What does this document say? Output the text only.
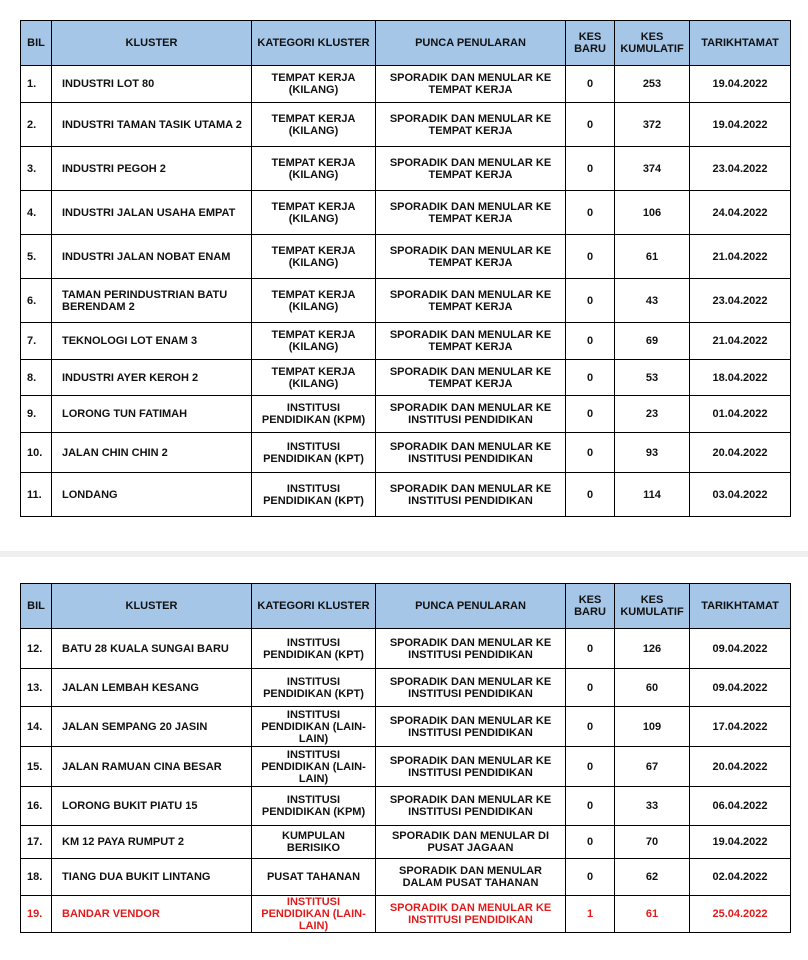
BIL	KLUSTER	KATEGORI KLUSTER	PUNCA PENULARAN	KES BARU	KES KUMULATIF	TARIKHTAMAT
1.	INDUSTRI LOT 80	TEMPAT KERJA (KILANG)	SPORADIK DAN MENULAR KE TEMPAT KERJA	0	253	19.04.2022
2.	INDUSTRI TAMAN TASIK UTAMA 2	TEMPAT KERJA (KILANG)	SPORADIK DAN MENULAR KE TEMPAT KERJA	0	372	19.04.2022
3.	INDUSTRI PEGOH 2	TEMPAT KERJA (KILANG)	SPORADIK DAN MENULAR KE TEMPAT KERJA	0	374	23.04.2022
4.	INDUSTRI JALAN USAHA EMPAT	TEMPAT KERJA (KILANG)	SPORADIK DAN MENULAR KE TEMPAT KERJA	0	106	24.04.2022
5.	INDUSTRI JALAN NOBAT ENAM	TEMPAT KERJA (KILANG)	SPORADIK DAN MENULAR KE TEMPAT KERJA	0	61	21.04.2022
6.	TAMAN PERINDUSTRIAN BATU BERENDAM 2	TEMPAT KERJA (KILANG)	SPORADIK DAN MENULAR KE TEMPAT KERJA	0	43	23.04.2022
7.	TEKNOLOGI LOT ENAM 3	TEMPAT KERJA (KILANG)	SPORADIK DAN MENULAR KE TEMPAT KERJA	0	69	21.04.2022
8.	INDUSTRI AYER KEROH 2	TEMPAT KERJA (KILANG)	SPORADIK DAN MENULAR KE TEMPAT KERJA	0	53	18.04.2022
9.	LORONG TUN FATIMAH	INSTITUSI PENDIDIKAN (KPM)	SPORADIK DAN MENULAR KE INSTITUSI PENDIDIKAN	0	23	01.04.2022
10.	JALAN CHIN CHIN 2	INSTITUSI PENDIDIKAN (KPT)	SPORADIK DAN MENULAR KE INSTITUSI PENDIDIKAN	0	93	20.04.2022
11.	LONDANG	INSTITUSI PENDIDIKAN (KPT)	SPORADIK DAN MENULAR KE INSTITUSI PENDIDIKAN	0	114	03.04.2022
BIL	KLUSTER	KATEGORI KLUSTER	PUNCA PENULARAN	KES BARU	KES KUMULATIF	TARIKHTAMAT
12.	BATU 28 KUALA SUNGAI BARU	INSTITUSI PENDIDIKAN (KPT)	SPORADIK DAN MENULAR KE INSTITUSI PENDIDIKAN	0	126	09.04.2022
13.	JALAN LEMBAH KESANG	INSTITUSI PENDIDIKAN (KPT)	SPORADIK DAN MENULAR KE INSTITUSI PENDIDIKAN	0	60	09.04.2022
14.	JALAN SEMPANG 20 JASIN	INSTITUSI PENDIDIKAN (LAIN-LAIN)	SPORADIK DAN MENULAR KE INSTITUSI PENDIDIKAN	0	109	17.04.2022
15.	JALAN RAMUAN CINA BESAR	INSTITUSI PENDIDIKAN (LAIN-LAIN)	SPORADIK DAN MENULAR KE INSTITUSI PENDIDIKAN	0	67	20.04.2022
16.	LORONG BUKIT PIATU 15	INSTITUSI PENDIDIKAN (KPM)	SPORADIK DAN MENULAR KE INSTITUSI PENDIDIKAN	0	33	06.04.2022
17.	KM 12 PAYA RUMPUT 2	KUMPULAN BERISIKO	SPORADIK DAN MENULAR DI PUSAT JAGAAN	0	70	19.04.2022
18.	TIANG DUA BUKIT LINTANG	PUSAT TAHANAN	SPORADIK DAN MENULAR DALAM PUSAT TAHANAN	0	62	02.04.2022
19.	BANDAR VENDOR	INSTITUSI PENDIDIKAN (LAIN-LAIN)	SPORADIK DAN MENULAR KE INSTITUSI PENDIDIKAN	1	61	25.04.2022
